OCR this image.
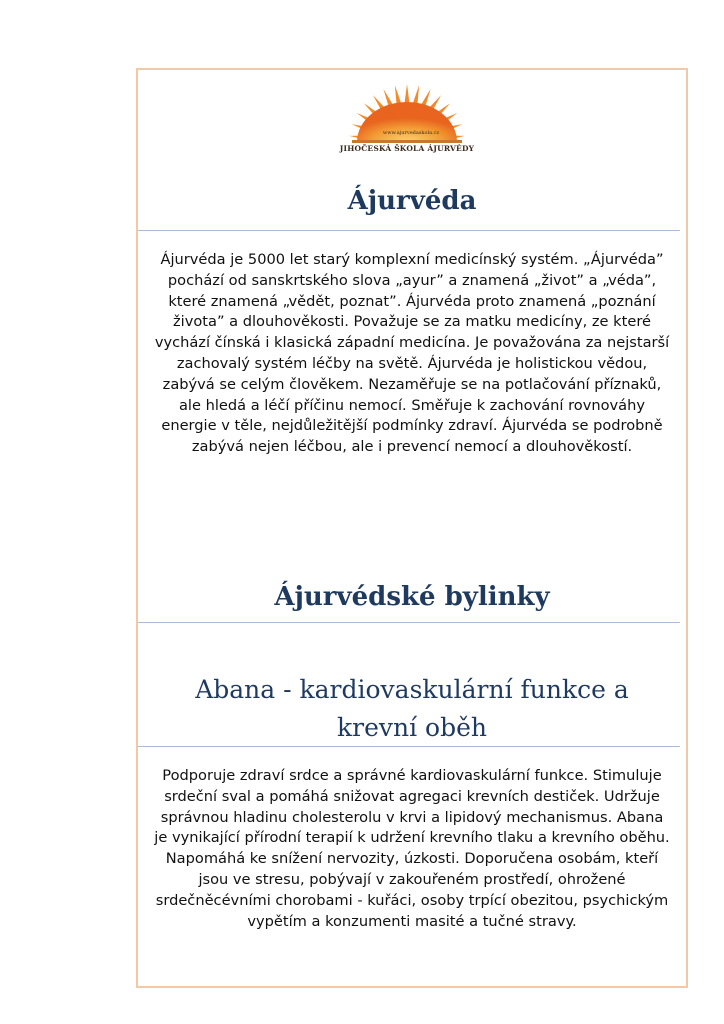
www.ajurvedaskola.cz
JIHOČESKÁ ŠKOLA ÁJURVÉDY
Ájurvéda

Ájurvéda je 5000 let starý komplexní medicínský systém. „Ájurvéda” pochází od sanskrtského slova „ayur” a znamená „život” a „véda”, které znamená „vědět, poznat”. Ájurvéda proto znamená „poznání života” a dlouhověkosti. Považuje se za matku medicíny, ze které vychází čínská i klasická západní medicína. Je považována za nejstarší zachovalý systém léčby na světě. Ájurvéda je holistickou vědou, zabývá se celým člověkem. Nezaměřuje se na potlačování příznaků, ale hledá a léčí příčinu nemocí. Směřuje k zachování rovnováhy energie v těle, nejdůležitější podmínky zdraví. Ájurvéda se podrobně zabývá nejen léčbou, ale i prevencí nemocí a dlouhověkostí.

Ájurvédské bylinky
Abana - kardiovaskulární funkce a krevní oběh

Podporuje zdraví srdce a správné kardiovaskulární funkce. Stimuluje srdeční sval a pomáhá snižovat agregaci krevních destiček. Udržuje správnou hladinu cholesterolu v krvi a lipidový mechanismus. Abana je vynikající přírodní terapií k udržení krevního tlaku a krevního oběhu. Napomáhá ke snížení nervozity, úzkosti. Doporučena osobám, kteří jsou ve stresu, pobývají v zakouřeném prostředí, ohrožené srdečněcévními chorobami - kuřáci, osoby trpící obezitou, psychickým vypětím a konzumenti masité a tučné stravy.
